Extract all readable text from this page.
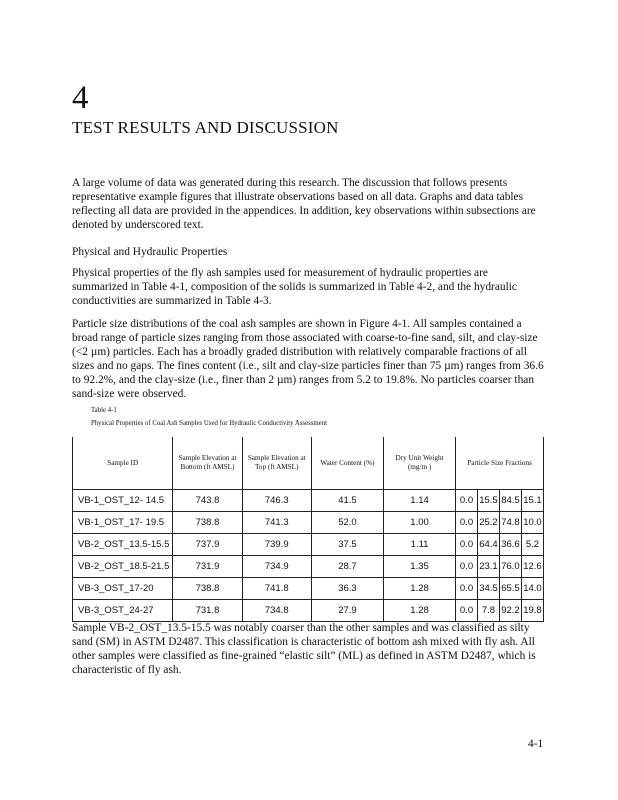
4
TEST RESULTS AND DISCUSSION

A large volume of data was generated during this research. The discussion that follows presents representative example figures that illustrate observations based on all data. Graphs and data tables reflecting all data are provided in the appendices. In addition, key observations within subsections are denoted by underscored text.

Physical and Hydraulic Properties

Physical properties of the fly ash samples used for measurement of hydraulic properties are summarized in Table 4-1, composition of the solids is summarized in Table 4-2, and the hydraulic conductivities are summarized in Table 4-3.

Particle size distributions of the coal ash samples are shown in Figure 4-1. All samples contained a broad range of particle sizes ranging from those associated with coarse-to-fine sand, silt, and clay-size (<2 µm) particles. Each has a broadly graded distribution with relatively comparable fractions of all sizes and no gaps. The fines content (i.e., silt and clay-size particles finer than 75 µm) ranges from 36.6 to 92.2%, and the clay-size (i.e., finer than 2 µm) ranges from 5.2 to 19.8%. No particles coarser than sand-size were observed.

Table 4-1
Physical Properties of Coal Ash Samples Used for Hydraulic Conductivity Assessment
Sample ID	Sample Elevation at Bottom (ft AMSL)	Sample Elevation at Top (ft AMSL)	Water Content (%)	Dry Unit Weight (mg/m )	Particle Size Fractions			
VB-1_OST_12- 14.5	743.8	746.3	41.5	1.14	0.0	15.5	84.5	15.1
VB-1_OST_17- 19.5	738.8	741.3	52.0	1.00	0.0	25.2	74.8	10.0
VB-2_OST_13.5-15.5	737.9	739.9	37.5	1.11	0.0	64.4	36.6	5.2
VB-2_OST_18.5-21.5	731.9	734.9	28.7	1.35	0.0	23.1	76.0	12.6
VB-3_OST_17-20	738.8	741.8	36.3	1.28	0.0	34.5	65.5	14.0
VB-3_OST_24-27	731.8	734.8	27.9	1.28	0.0	7.8	92.2	19.8

Sample VB-2_OST_13.5-15.5 was notably coarser than the other samples and was classified as silty sand (SM) in ASTM D2487. This classification is characteristic of bottom ash mixed with fly ash. All other samples were classified as fine-grained “elastic silt” (ML) as defined in ASTM D2487, which is characteristic of fly ash.

4-1
